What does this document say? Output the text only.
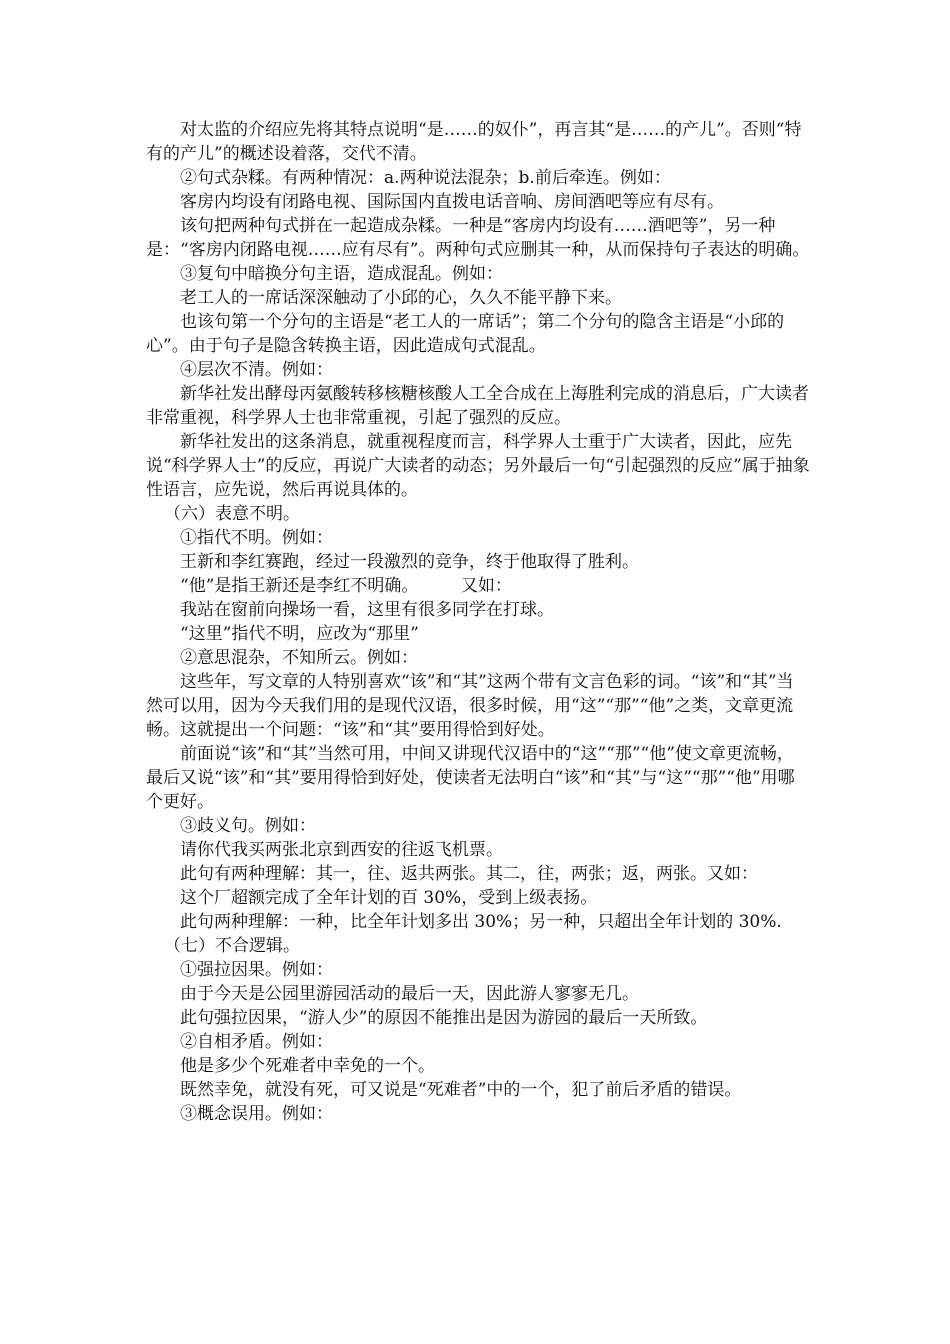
对太监的介绍应先将其特点说明“是……的奴仆”，再言其“是……的产儿”。否则“特有的产儿”的概述设着落，交代不清。

②句式杂糅。有两种情况：a.两种说法混杂；b.前后牵连。例如：

客房内均设有闭路电视、国际国内直拨电话音响、房间酒吧等应有尽有。

该句把两种句式拼在一起造成杂糅。一种是“客房内均设有……酒吧等”，另一种是：“客房内闭路电视……应有尽有”。两种句式应删其一种，从而保持句子表达的明确。

③复句中暗换分句主语，造成混乱。例如：

老工人的一席话深深触动了小邱的心，久久不能平静下来。

也该句第一个分句的主语是“老工人的一席话”；第二个分句的隐含主语是“小邱的心”。由于句子是隐含转换主语，因此造成句式混乱。

④层次不清。例如：

新华社发出酵母丙氨酸转移核糖核酸人工全合成在上海胜利完成的消息后，广大读者非常重视，科学界人士也非常重视，引起了强烈的反应。

新华社发出的这条消息，就重视程度而言，科学界人士重于广大读者，因此，应先说“科学界人士”的反应，再说广大读者的动态；另外最后一句“引起强烈的反应”属于抽象性语言，应先说，然后再说具体的。

（六）表意不明。

①指代不明。例如：

王新和李红赛跑，经过一段激烈的竞争，终于他取得了胜利。

“他”是指王新还是李红不明确。　　　又如：

我站在窗前向操场一看，这里有很多同学在打球。

“这里”指代不明，应改为“那里”

②意思混杂，不知所云。例如：

这些年，写文章的人特别喜欢“该”和“其”这两个带有文言色彩的词。“该”和“其”当然可以用，因为今天我们用的是现代汉语，很多时候，用“这”“那”“他”之类，文章更流畅。这就提出一个问题：“该”和“其”要用得恰到好处。

前面说“该”和“其”当然可用，中间又讲现代汉语中的“这”“那”“他”使文章更流畅，最后又说“该”和“其”要用得恰到好处，使读者无法明白“该”和“其”与“这”“那”“他”用哪个更好。

③歧义句。例如：

请你代我买两张北京到西安的往返飞机票。

此句有两种理解：其一，往、返共两张。其二，往，两张；返，两张。又如：

这个厂超额完成了全年计划的百 30%，受到上级表扬。

此句两种理解：一种，比全年计划多出 30%；另一种，只超出全年计划的 30%.

（七）不合逻辑。

①强拉因果。例如：

由于今天是公园里游园活动的最后一天，因此游人寥寥无几。

此句强拉因果，“游人少”的原因不能推出是因为游园的最后一天所致。

②自相矛盾。例如：

他是多少个死难者中幸免的一个。

既然幸免，就没有死，可又说是“死难者”中的一个，犯了前后矛盾的错误。

③概念误用。例如：
